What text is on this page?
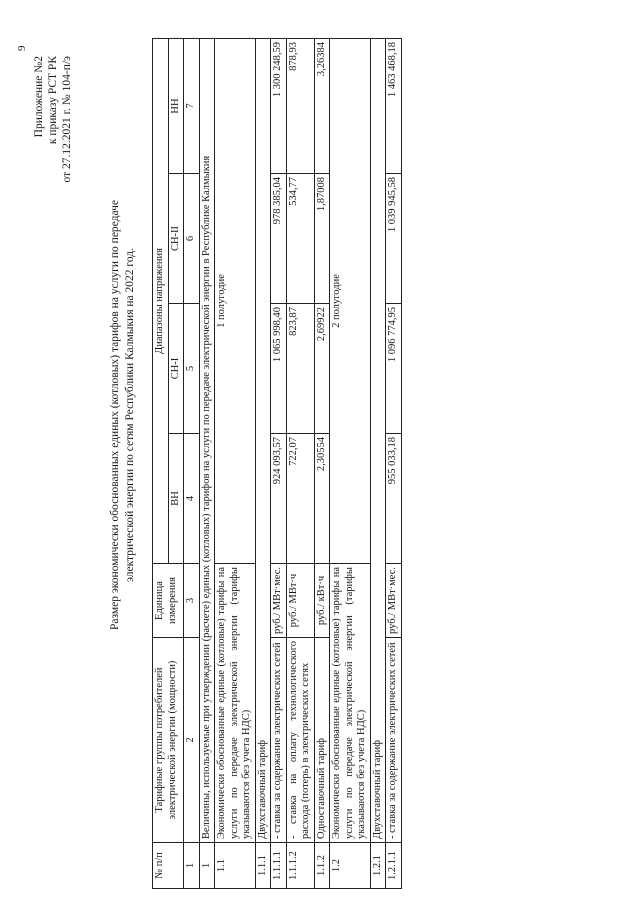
9
Приложение №2 к приказу РСТ РК от 27.12.2021 г. № 104-п/э
Размер экономически обоснованных единых (котловых) тарифов на услуги по передаче электрической энергии по сетям Республики Калмыкия на 2022 год.
№ п/п	Тарифные группы потребителей электрической энергии (мощности)	Единица измерения	Диапазоны напряжения			
			ВН	СН-I	СН-II	НН
1	2	3	4	5	6	7
1	Величины, используемые при утверждении (расчете) единых (котловых) тарифов на услуги по передаче электрической энергии в Республике Калмыкия					
1.1	Экономически обоснованные единые (котловые) тарифы на услуги по передаче электрической энергии (тарифы указываются без учета НДС)		1 полугодие			
1.1.1	Двухставочный тариф					
1.1.1.1	- ставка за содержание электрических сетей	руб./ МВт·мес.	924 093,57	1 065 998,40	978 385,04	1 300 248,59
1.1.1.2	- ставка на оплату технологического расхода (потерь) в электрических сетях	руб./ МВт·ч	722,07	823,87	534,77	878,93
1.1.2	Одноставочный тариф	руб./ кВт·ч	2,30554	2,69922	1,87008	3,26384
1.2	Экономически обоснованные единые (котловые) тарифы на услуги по передаче электрической энергии (тарифы указываются без учета НДС)		2 полугодие			
1.2.1	Двухставочный тариф					
1.2.1.1	- ставка за содержание электрических сетей	руб./ МВт·мес.	955 033,18	1 096 774,95	1 039 945,58	1 463 468,18
